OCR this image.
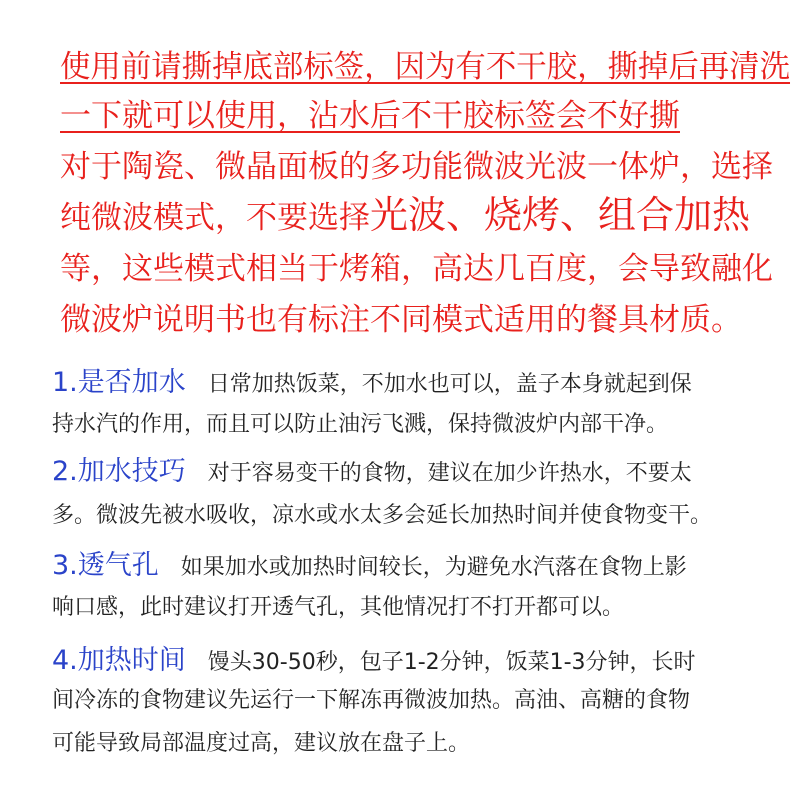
使用前请撕掉底部标签，因为有不干胶，撕掉后再清洗
一下就可以使用，沾水后不干胶标签会不好撕
对于陶瓷、微晶面板的多功能微波光波一体炉，选择
纯微波模式，不要选择光波、烧烤、组合加热
等，这些模式相当于烤箱，高达几百度，会导致融化
微波炉说明书也有标注不同模式适用的餐具材质。
1.是否加水 日常加热饭菜，不加水也可以，盖子本身就起到保
持水汽的作用，而且可以防止油污飞溅，保持微波炉内部干净。
2.加水技巧 对于容易变干的食物，建议在加少许热水，不要太
多。微波先被水吸收，凉水或水太多会延长加热时间并使食物变干。
3.透气孔 如果加水或加热时间较长，为避免水汽落在食物上影
响口感，此时建议打开透气孔，其他情况打不打开都可以。
4.加热时间 馒头30-50秒，包子1-2分钟，饭菜1-3分钟，长时
间冷冻的食物建议先运行一下解冻再微波加热。高油、高糖的食物
可能导致局部温度过高，建议放在盘子上。
